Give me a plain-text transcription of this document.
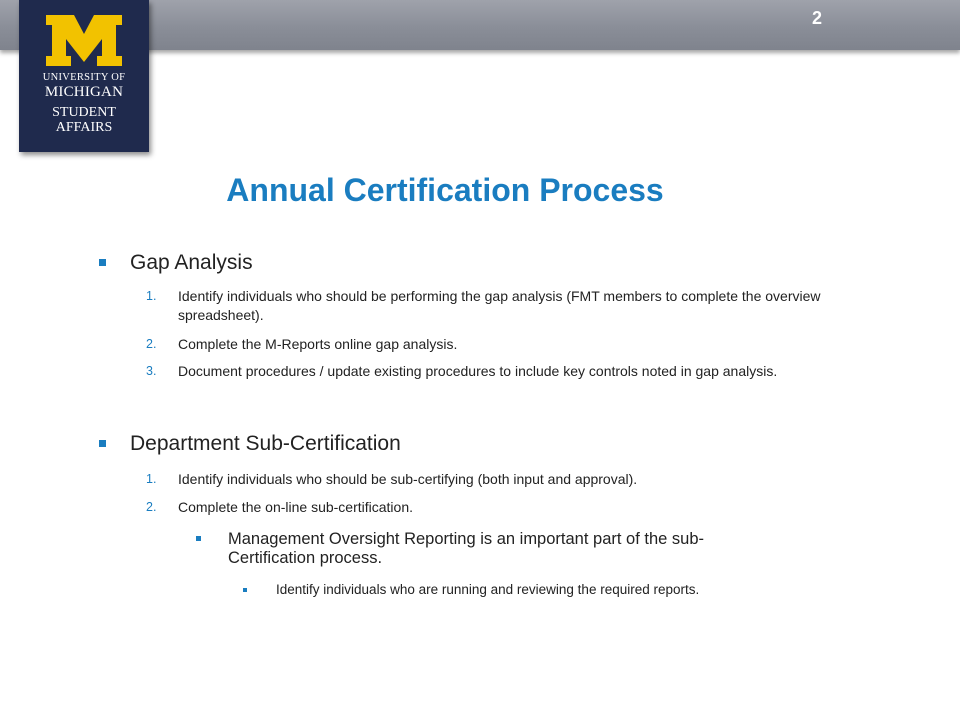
2
UNIVERSITY OF
MICHIGAN
STUDENT
AFFAIRS
Annual Certification Process
Gap Analysis
1. Identify individuals who should be performing the gap analysis (FMT members to complete the overview spreadsheet).
2. Complete the M-Reports online gap analysis.
3. Document procedures / update existing procedures to include key controls noted in gap analysis.
Department Sub-Certification
1. Identify individuals who should be sub-certifying (both input and approval).
2. Complete the on-line sub-certification.
Management Oversight Reporting is an important part of the sub-Certification process.
Identify individuals who are running and reviewing the required reports.
